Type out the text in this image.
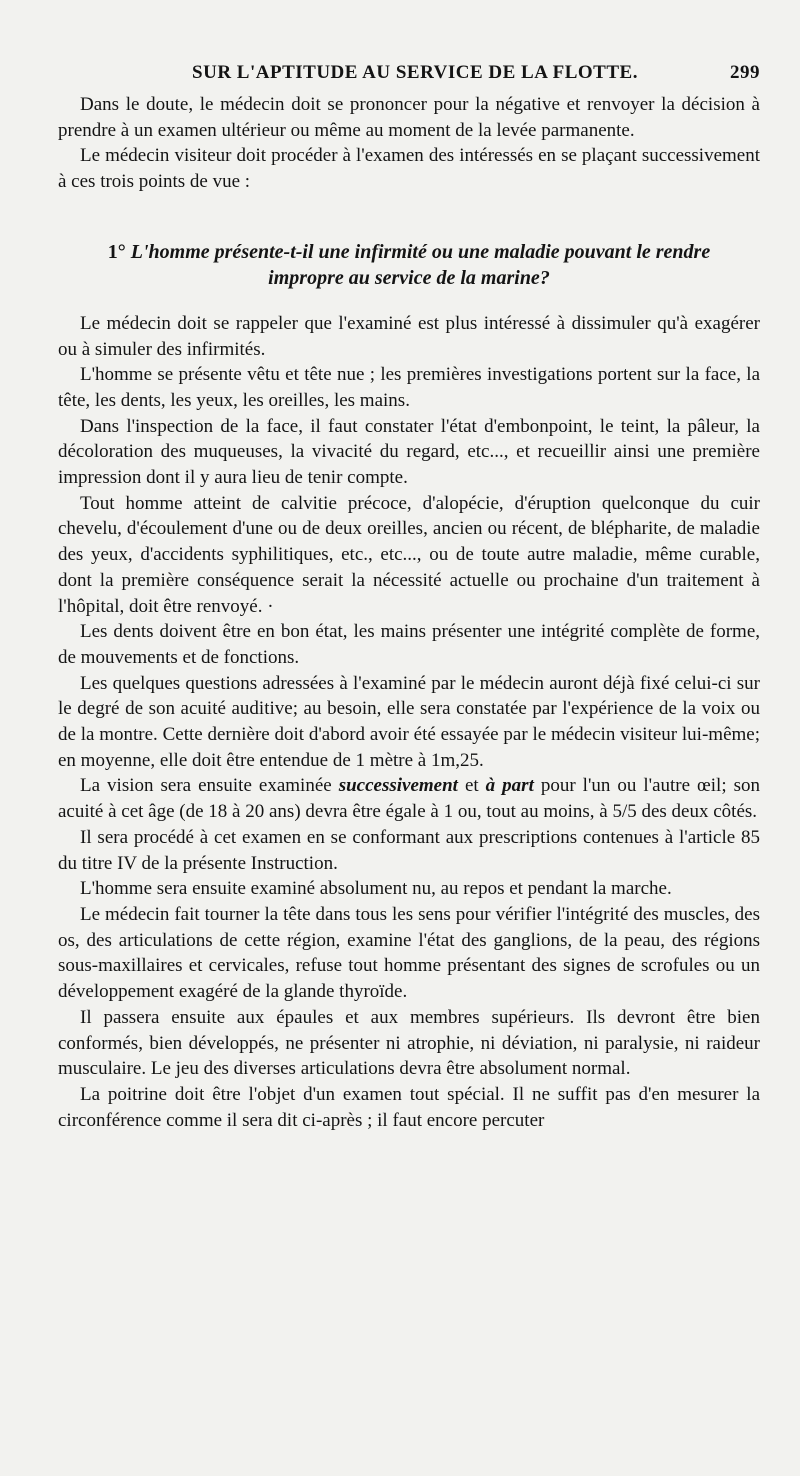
SUR L'APTITUDE AU SERVICE DE LA FLOTTE.	299

Dans le doute, le médecin doit se prononcer pour la négative et renvoyer la décision à prendre à un examen ultérieur ou même au moment de la levée parmanente.

Le médecin visiteur doit procéder à l'examen des intéressés en se plaçant successivement à ces trois points de vue :

1° L'homme présente-t-il une infirmité ou une maladie pouvant le rendre impropre au service de la marine?

Le médecin doit se rappeler que l'examiné est plus intéressé à dissimuler qu'à exagérer ou à simuler des infirmités.

L'homme se présente vêtu et tête nue ; les premières investigations portent sur la face, la tête, les dents, les yeux, les oreilles, les mains.

Dans l'inspection de la face, il faut constater l'état d'embonpoint, le teint, la pâleur, la décoloration des muqueuses, la vivacité du regard, etc..., et recueillir ainsi une première impression dont il y aura lieu de tenir compte.

Tout homme atteint de calvitie précoce, d'alopécie, d'éruption quelconque du cuir chevelu, d'écoulement d'une ou de deux oreilles, ancien ou récent, de blépharite, de maladie des yeux, d'accidents syphilitiques, etc., etc..., ou de toute autre maladie, même curable, dont la première conséquence serait la nécessité actuelle ou prochaine d'un traitement à l'hôpital, doit être renvoyé. ·

Les dents doivent être en bon état, les mains présenter une intégrité complète de forme, de mouvements et de fonctions.

Les quelques questions adressées à l'examiné par le médecin auront déjà fixé celui-ci sur le degré de son acuité auditive; au besoin, elle sera constatée par l'expérience de la voix ou de la montre. Cette dernière doit d'abord avoir été essayée par le médecin visiteur lui-même; en moyenne, elle doit être entendue de 1 mètre à 1m,25.

La vision sera ensuite examinée successivement et à part pour l'un ou l'autre œil; son acuité à cet âge (de 18 à 20 ans) devra être égale à 1 ou, tout au moins, à 5/5 des deux côtés.

Il sera procédé à cet examen en se conformant aux prescriptions contenues à l'article 85 du titre IV de la présente Instruction.

L'homme sera ensuite examiné absolument nu, au repos et pendant la marche.

Le médecin fait tourner la tête dans tous les sens pour vérifier l'intégrité des muscles, des os, des articulations de cette région, examine l'état des ganglions, de la peau, des régions sous-maxillaires et cervicales, refuse tout homme présentant des signes de scrofules ou un développement exagéré de la glande thyroïde.

Il passera ensuite aux épaules et aux membres supérieurs. Ils devront être bien conformés, bien développés, ne présenter ni atrophie, ni déviation, ni paralysie, ni raideur musculaire. Le jeu des diverses articulations devra être absolument normal.

La poitrine doit être l'objet d'un examen tout spécial. Il ne suffit pas d'en mesurer la circonférence comme il sera dit ci-après ; il faut encore percuter
